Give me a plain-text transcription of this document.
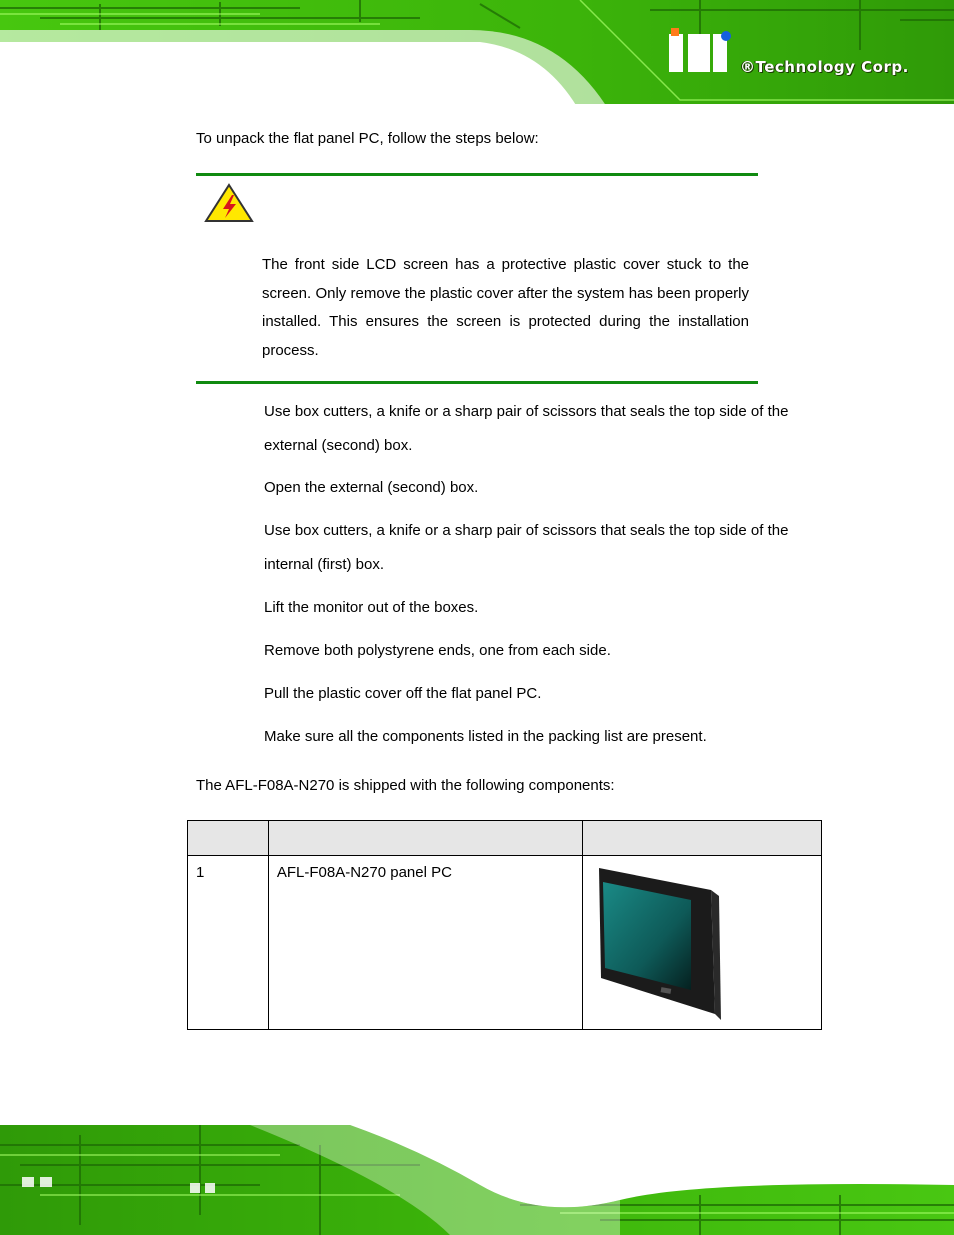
®Technology Corp.
To unpack the flat panel PC, follow the steps below:
The front side LCD screen has a protective plastic cover stuck to the screen. Only remove the plastic cover after the system has been properly installed. This ensures the screen is protected during the installation process.
Use box cutters, a knife or a sharp pair of scissors that seals the top side of the external (second) box.
Open the external (second) box.
Use box cutters, a knife or a sharp pair of scissors that seals the top side of the internal (first) box.
Lift the monitor out of the boxes.
Remove both polystyrene ends, one from each side.
Pull the plastic cover off the flat panel PC.
Make sure all the components listed in the packing list are present.
The AFL-F08A-N270 is shipped with the following components:

1	AFL-F08A-N270 panel PC
